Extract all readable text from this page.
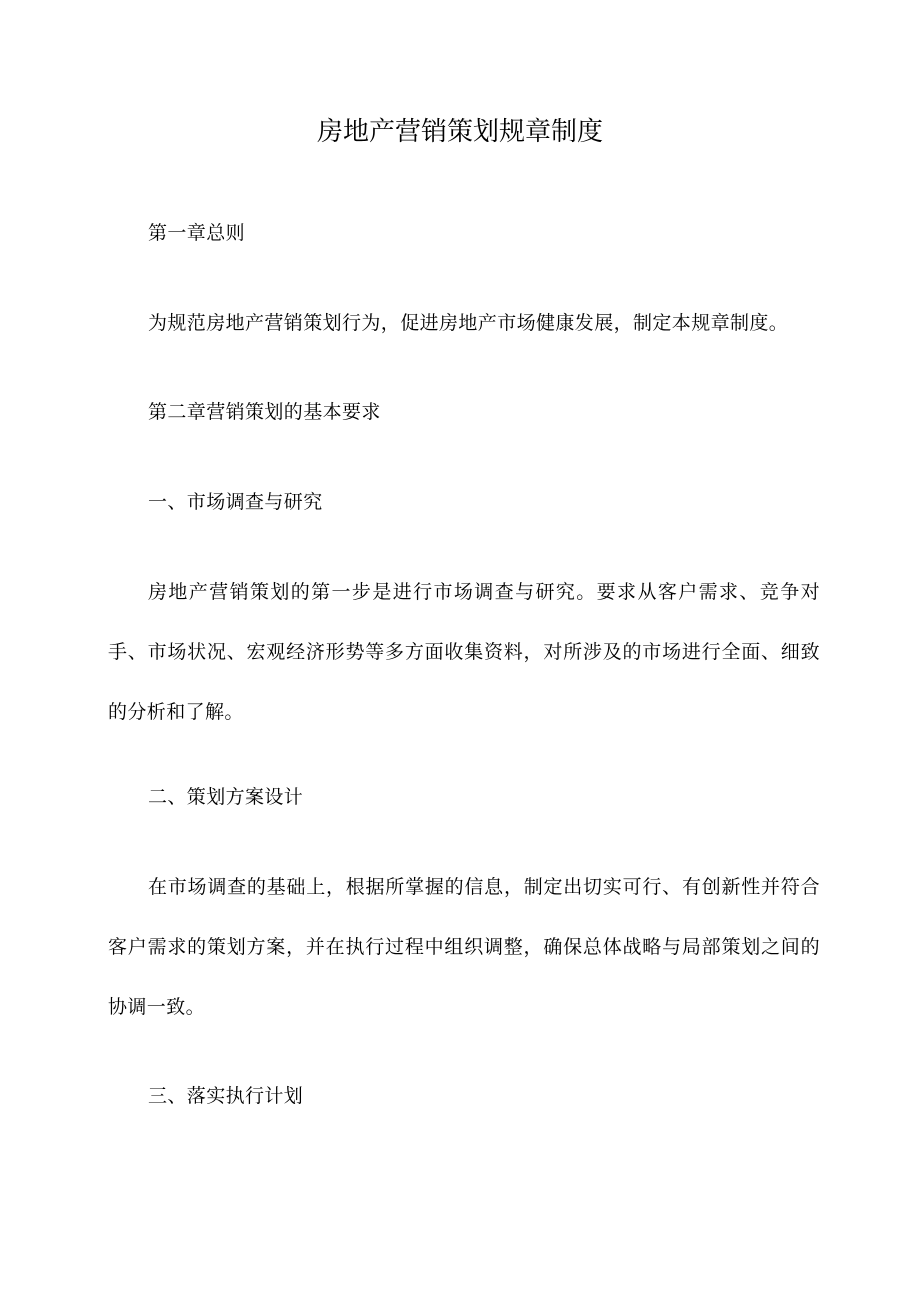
房地产营销策划规章制度
第一章总则
为规范房地产营销策划行为，促进房地产市场健康发展，制定本规章制度。
第二章营销策划的基本要求
一、市场调查与研究
房地产营销策划的第一步是进行市场调查与研究。要求从客户需求、竞争对手、市场状况、宏观经济形势等多方面收集资料，对所涉及的市场进行全面、细致的分析和了解。
二、策划方案设计
在市场调查的基础上，根据所掌握的信息，制定出切实可行、有创新性并符合客户需求的策划方案，并在执行过程中组织调整，确保总体战略与局部策划之间的协调一致。
三、落实执行计划
